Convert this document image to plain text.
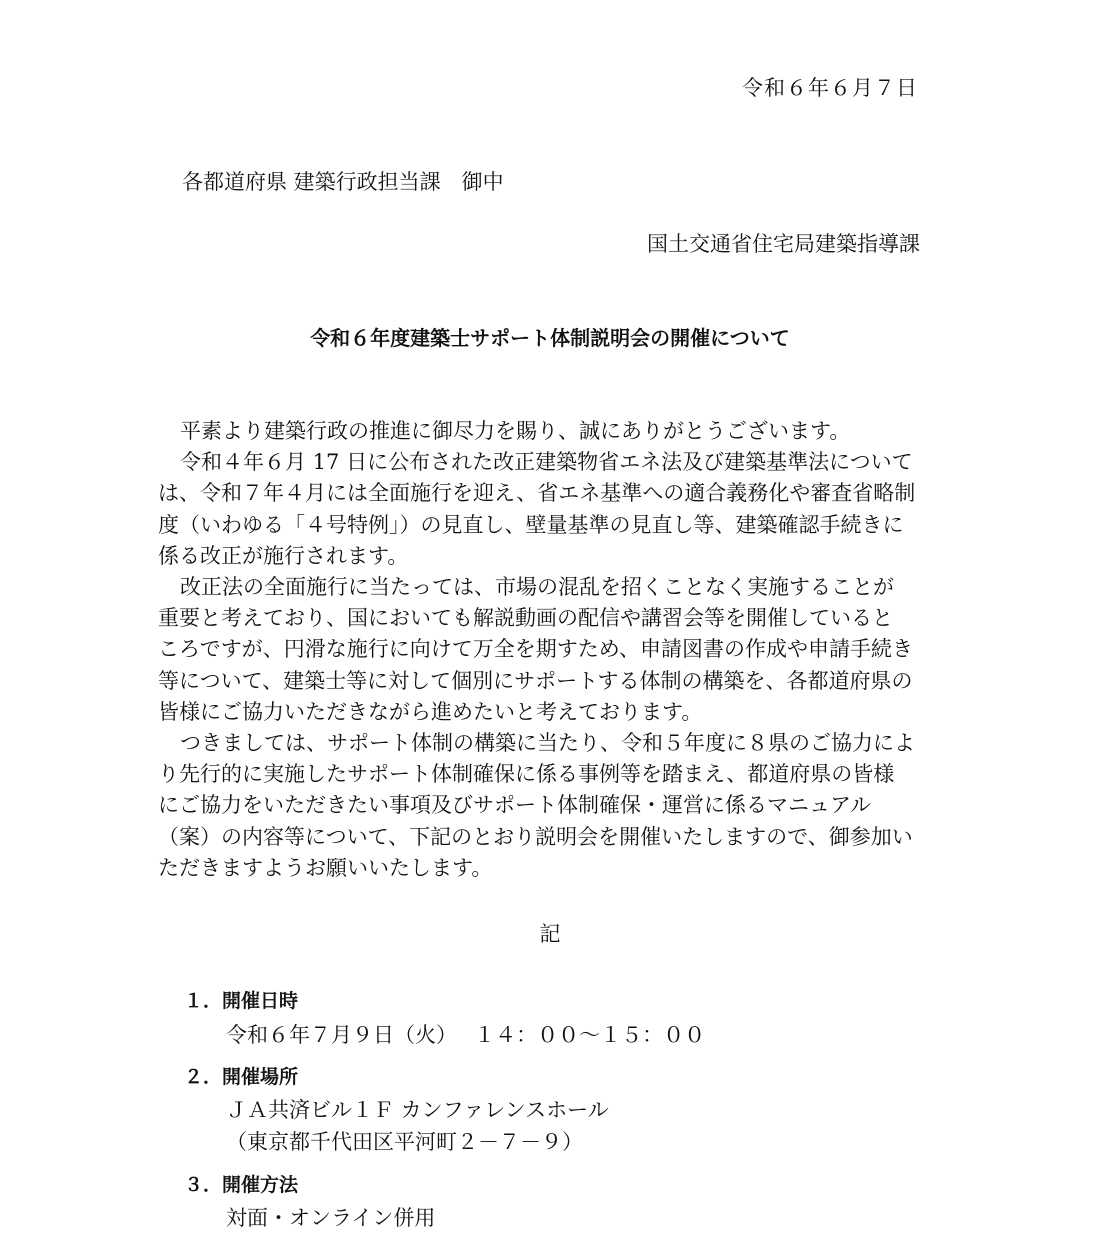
令和６年６月７日
各都道府県 建築行政担当課　御中
国土交通省住宅局建築指導課
令和６年度建築士サポート体制説明会の開催について

平素より建築行政の推進に御尽力を賜り、誠にありがとうございます。

令和４年６月 17 日に公布された改正建築物省エネ法及び建築基準法について
は、令和７年４月には全面施行を迎え、省エネ基準への適合義務化や審査省略制
度（いわゆる「４号特例」）の見直し、壁量基準の見直し等、建築確認手続きに
係る改正が施行されます。

改正法の全面施行に当たっては、市場の混乱を招くことなく実施することが
重要と考えており、国においても解説動画の配信や講習会等を開催していると
ころですが、円滑な施行に向けて万全を期すため、申請図書の作成や申請手続き
等について、建築士等に対して個別にサポートする体制の構築を、各都道府県の
皆様にご協力いただきながら進めたいと考えております。

つきましては、サポート体制の構築に当たり、令和５年度に８県のご協力によ
り先行的に実施したサポート体制確保に係る事例等を踏まえ、都道府県の皆様
にご協力をいただきたい事項及びサポート体制確保・運営に係るマニュアル
（案）の内容等について、下記のとおり説明会を開催いたしますので、御参加い
ただきますようお願いいたします。

記
１．開催日時
令和６年７月９日（火）　 １４：００～１５：００
２．開催場所
ＪＡ共済ビル１Ｆ カンファレンスホール
（東京都千代田区平河町２－７－９）
３．開催方法
対面・オンライン併用
